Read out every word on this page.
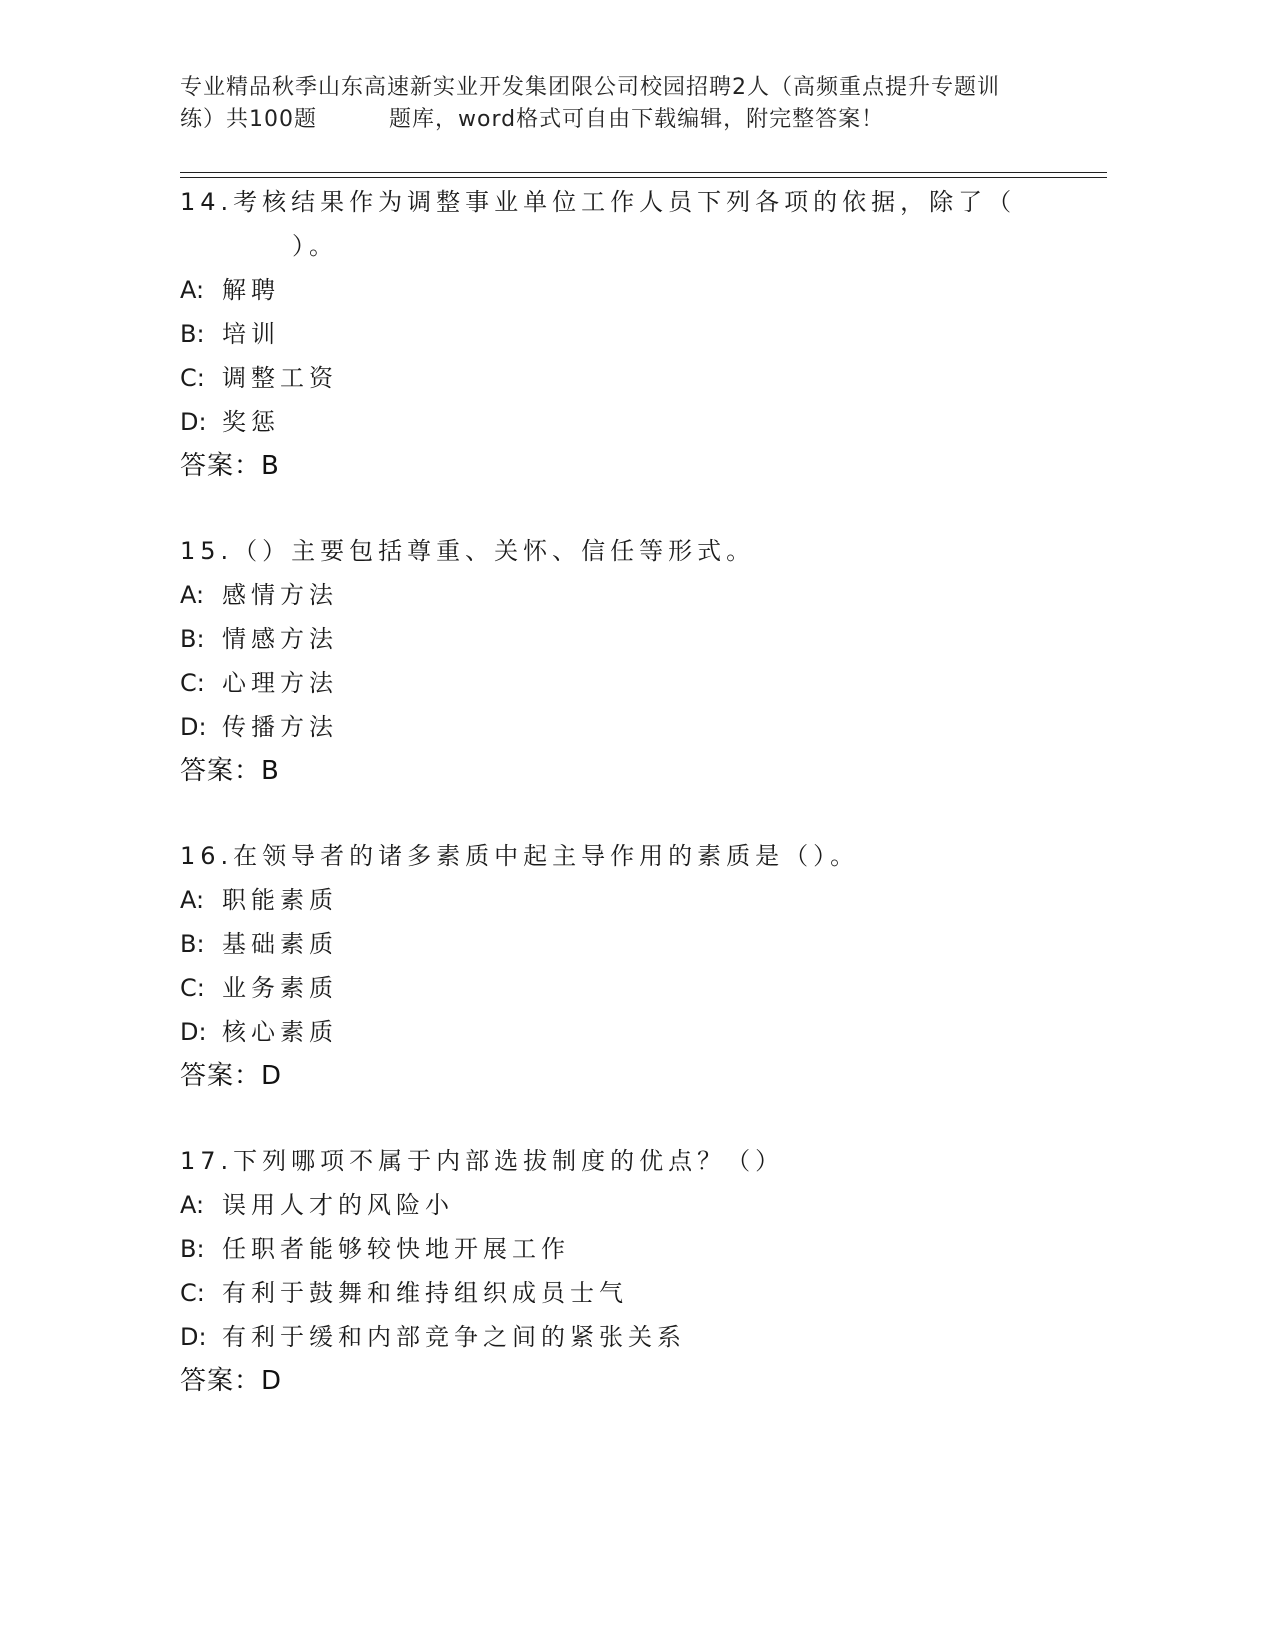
专业精品秋季山东高速新实业开发集团限公司校园招聘2人（高频重点提升专题训
练）共100题	题库，word格式可自由下载编辑，附完整答案！
14.考核结果作为调整事业单位工作人员下列各项的依据，除了（
）。
A: 解聘
B: 培训
C: 调整工资
D: 奖惩
答案：B
15.（）主要包括尊重、关怀、信任等形式。
A: 感情方法
B: 情感方法
C: 心理方法
D: 传播方法
答案：B
16.在领导者的诸多素质中起主导作用的素质是（）。
A: 职能素质
B: 基础素质
C: 业务素质
D: 核心素质
答案：D
17.下列哪项不属于内部选拔制度的优点？（）
A: 误用人才的风险小
B: 任职者能够较快地开展工作
C: 有利于鼓舞和维持组织成员士气
D: 有利于缓和内部竞争之间的紧张关系
答案：D
